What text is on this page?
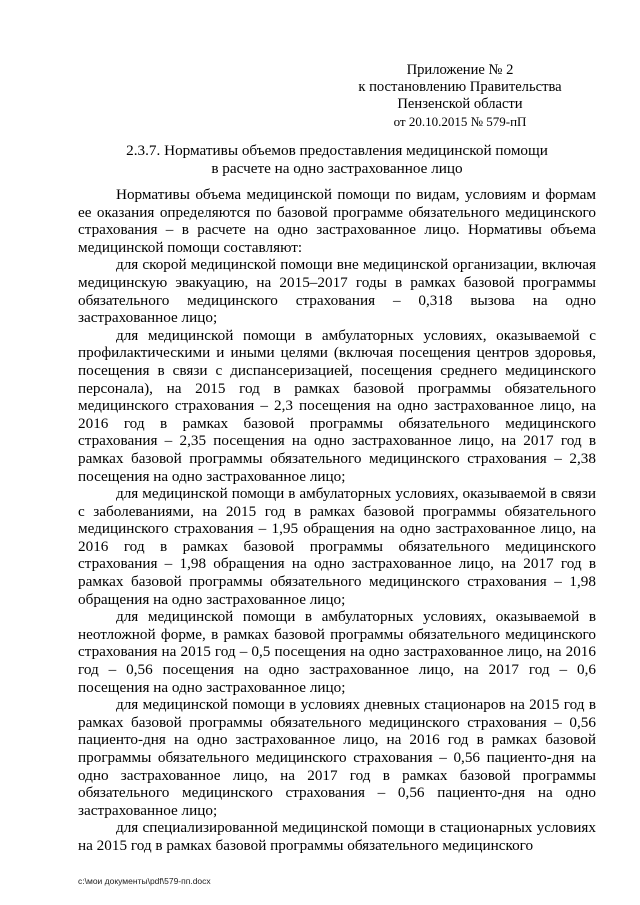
Приложение № 2
к постановлению Правительства
Пензенской области
от 20.10.2015 № 579-пП
2.3.7. Нормативы объемов предоставления медицинской помощи
в расчете на одно застрахованное лицо

Нормативы объема медицинской помощи по видам, условиям и формам ее оказания определяются по базовой программе обязательного медицинского страхования – в расчете на одно застрахованное лицо. Нормативы объема медицинской помощи составляют:

для скорой медицинской помощи вне медицинской организации, включая медицинскую эвакуацию, на 2015–2017 годы в рамках базовой программы обязательного медицинского страхования – 0,318 вызова на одно застрахованное лицо;

для медицинской помощи в амбулаторных условиях, оказываемой с профилактическими и иными целями (включая посещения центров здоровья, посещения в связи с диспансеризацией, посещения среднего медицинского персонала), на 2015 год в рамках базовой программы обязательного медицинского страхования – 2,3 посещения на одно застрахованное лицо, на 2016 год в рамках базовой программы обязательного медицинского страхования – 2,35 посещения на одно застрахованное лицо, на 2017 год в рамках базовой программы обязательного медицинского страхования – 2,38 посещения на одно застрахованное лицо;

для медицинской помощи в амбулаторных условиях, оказываемой в связи с заболеваниями, на 2015 год в рамках базовой программы обязательного медицинского страхования – 1,95 обращения на одно застрахованное лицо, на 2016 год в рамках базовой программы обязательного медицинского страхования – 1,98 обращения на одно застрахованное лицо, на 2017 год в рамках базовой программы обязательного медицинского страхования – 1,98 обращения на одно застрахованное лицо;

для медицинской помощи в амбулаторных условиях, оказываемой в неотложной форме, в рамках базовой программы обязательного медицинского страхования на 2015 год – 0,5 посещения на одно застрахованное лицо, на 2016 год – 0,56 посещения на одно застрахованное лицо, на 2017 год – 0,6 посещения на одно застрахованное лицо;

для медицинской помощи в условиях дневных стационаров на 2015 год в рамках базовой программы обязательного медицинского страхования – 0,56 пациенто-дня на одно застрахованное лицо, на 2016 год в рамках базовой программы обязательного медицинского страхования – 0,56 пациенто-дня на одно застрахованное лицо, на 2017 год в рамках базовой программы обязательного медицинского страхования – 0,56 пациенто-дня на одно застрахованное лицо;

для специализированной медицинской помощи в стационарных условиях на 2015 год в рамках базовой программы обязательного медицинского

c:\мои документы\pdf\579-пп.docx
